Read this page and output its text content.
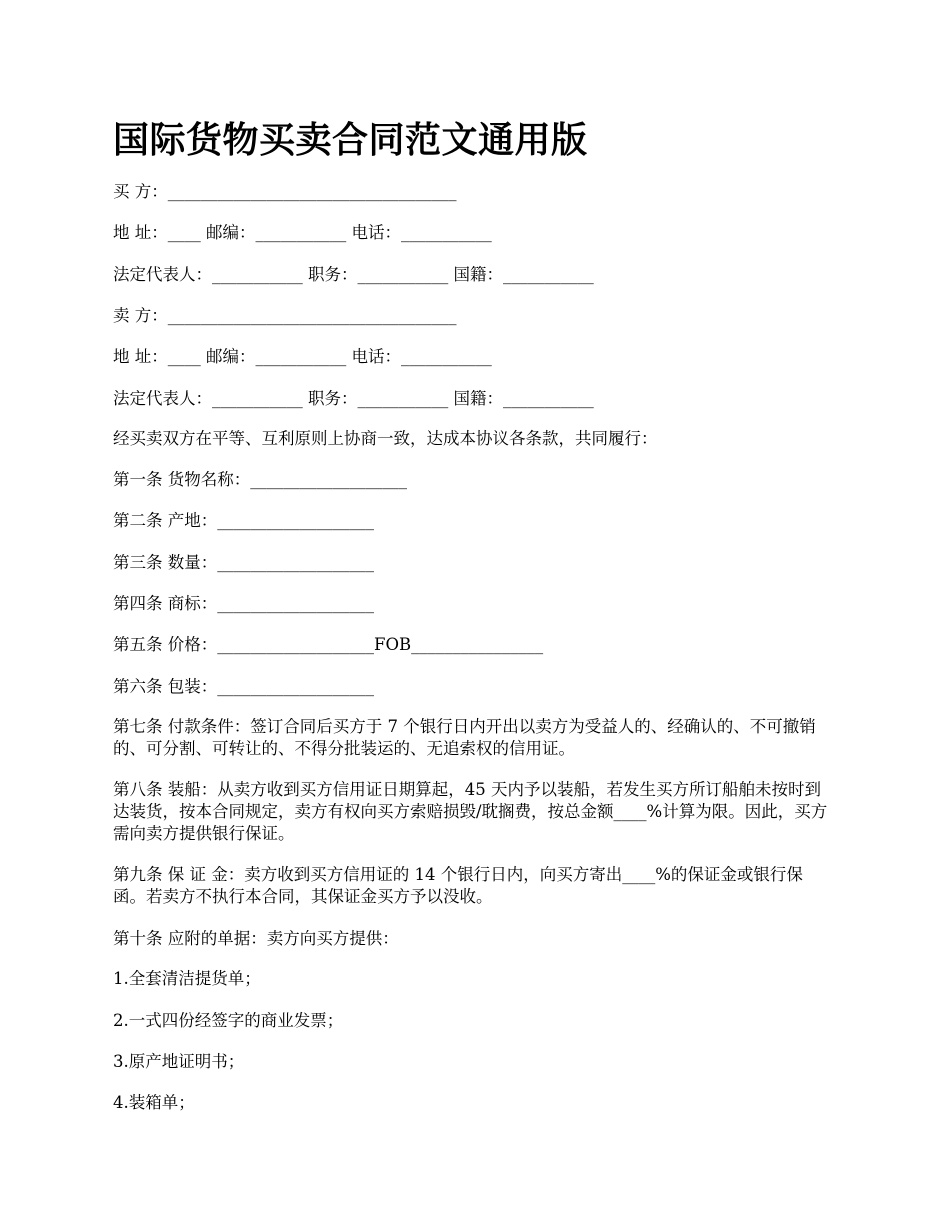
国际货物买卖合同范文通用版
买 方：___________________________________
地 址：____ 邮编：___________ 电话：___________
法定代表人：___________ 职务：___________ 国籍：___________
卖 方：___________________________________
地 址：____ 邮编：___________ 电话：___________
法定代表人：___________ 职务：___________ 国籍：___________
经买卖双方在平等、互利原则上协商一致，达成本协议各条款，共同履行：
第一条 货物名称：___________________
第二条 产地：___________________
第三条 数量：___________________
第四条 商标：___________________
第五条 价格：___________________FOB________________
第六条 包装：___________________
第七条 付款条件：签订合同后买方于 7 个银行日内开出以卖方为受益人的、经确认的、不可撤销的、可分割、可转让的、不得分批装运的、无追索权的信用证。
第八条 装船：从卖方收到买方信用证日期算起，45 天内予以装船，若发生买方所订船舶未按时到达装货，按本合同规定，卖方有权向买方索赔损毁/耽搁费，按总金额____%计算为限。因此，买方需向卖方提供银行保证。
第九条 保 证 金：卖方收到买方信用证的 14 个银行日内，向买方寄出____%的保证金或银行保函。若卖方不执行本合同，其保证金买方予以没收。
第十条 应附的单据：卖方向买方提供：
1.全套清洁提货单；
2.一式四份经签字的商业发票；
3.原产地证明书；
4.装箱单；
